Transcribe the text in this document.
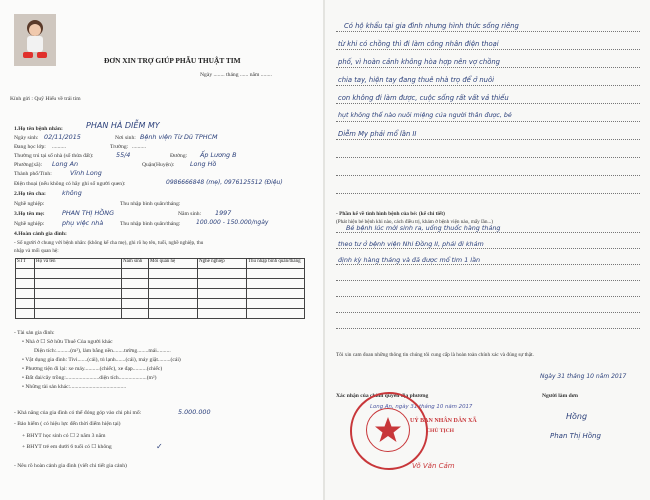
ĐƠN XIN TRỢ GIÚP PHẪU THUẬT TIM
Ngày ........ tháng ...... năm ........
Kính gửi : Quỹ Hiếu về trái tim
1.Họ tên bệnh nhân:	PHAN HÀ DIỄM MY
Ngày sinh: 02/11/2015	Nơi sinh: Bệnh viện Từ Dũ TPHCM
Đang học lớp: ..........	Trường: ..........
Thường trú tại số nhà (số thửa đất):	55/4	Đường: Ấp Lương B
Phường(xã): Long An	Quận(Huyện): Long Hồ
Thành phố/Tỉnh:	Vĩnh Long
Điện thoại (nếu không có hãy ghi số người quen):	0986666848 (mẹ), 0976125512 (Điệu)
2.Họ tên cha:	không
Nghề nghiệp:	Thu nhập bình quân/tháng:
3.Họ tên mẹ:	PHAN THỊ HỒNG	Năm sinh: 1997
Nghề nghiệp:	phụ việc nhà	Thu nhập bình quân/tháng:	100.000 - 150.000/ngày
4.Hoàn cảnh gia đình:
- Số người ở chung với bệnh nhân: (không kể cha mẹ), ghi rõ họ tên, tuổi, nghề nghiệp, thu
nhập và mối quan hệ:
STT	Họ và tên	Năm sinh	Mối quan hệ	Nghề nghiệp	Thu nhập bình quân/tháng

- Tài sản gia đình:
• Nhà ở ☐ Sở hữu Thuê Của người khác
Diện tích:..........(m²), làm bằng nền........tường........mái..........
• Vật dụng gia đình: Tivi.......(cái), tủ lạnh.......(cái), máy giặt.........(cái)
• Phương tiện đi lại: xe máy...........(chiếc), xe đạp..........(chiếc)
• Đất đai/cây trồng:........................diện tích....................(m²)
• Những tài sản khác:........................................
- Khả năng của gia đình có thể đóng góp vào chi phí mổ:	5.000.000
- Bảo hiểm ( có hiệu lực đến thời điểm hiện tại)
+ BHYT học sinh có ☐ 2 năm 3 năm
+ BHYT trẻ em dưới 6 tuổi có ☐ không	✓
- Nêu rõ hoàn cảnh gia đình (viết chi tiết gia cảnh)
Có hộ khẩu tại gia đình nhưng hình thức sống riêng
từ khi có chồng thì đi làm công nhân điện thoại
phố, vì hoàn cảnh không hòa hợp nên vợ chồng
chia tay, hiện tay đang thuê nhà trọ để ở nuôi
con không đi làm được, cuộc sống rất vất vả thiếu
hụt không thể nào nuôi miệng của người thân được, bé
Diễm My phải mổ lần II
- Phần kể về tình hình bệnh của bé: (kể chi tiết)
(Phát hiện bé bệnh khi nào, cách điều trị, khám ở bệnh viện nào, mấy lần...)
Bé bệnh lúc mới sinh ra, uống thuốc hàng tháng
theo tư ở bệnh viện Nhi Đồng II, phải đi khám
định kỳ hàng tháng và đã được mổ tim 1 lần
Tôi xin cam đoan những thông tin chúng tôi cung cấp là hoàn toàn chính xác và đúng sự thật.
Ngày 31 tháng 10 năm 2017
Xác nhận của chính quyền địa phương	Người làm đơn
Hồng
Phan Thị Hồng
Long An, ngày 31 tháng 10 năm 2017
UỶ BAN NHÂN DÂN XÃ
CHỦ TỊCH
Võ Văn Cảm
